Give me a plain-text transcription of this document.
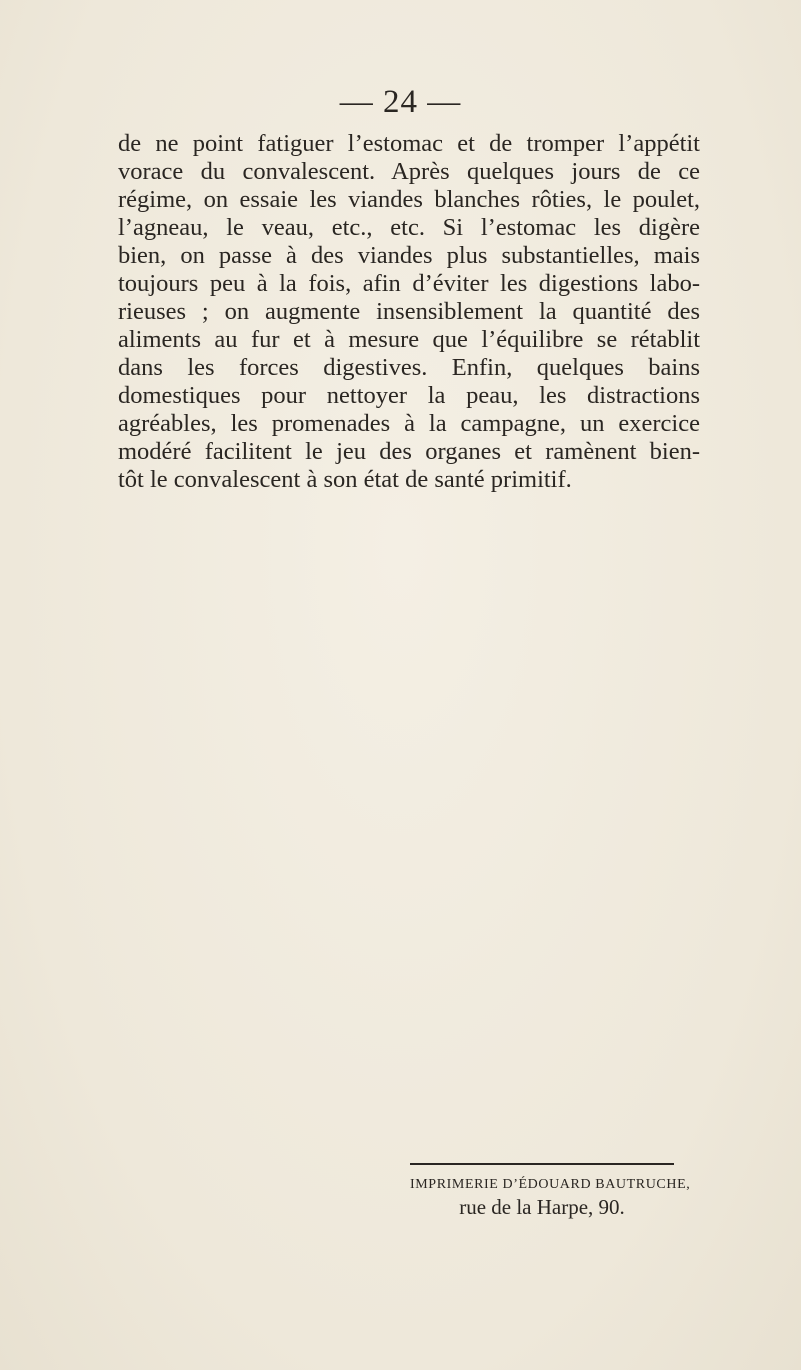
— 24 —
de ne point fatiguer l’estomac et de tromper l’appétit
vorace du convalescent. Après quelques jours de ce
régime, on essaie les viandes blanches rôties, le poulet,
l’agneau, le veau, etc., etc. Si l’estomac les digère
bien, on passe à des viandes plus substantielles, mais
toujours peu à la fois, afin d’éviter les digestions labo-
rieuses ; on augmente insensiblement la quantité des
aliments au fur et à mesure que l’équilibre se rétablit
dans les forces digestives. Enfin, quelques bains
domestiques pour nettoyer la peau, les distractions
agréables, les promenades à la campagne, un exercice
modéré facilitent le jeu des organes et ramènent bien-
tôt le convalescent à son état de santé primitif.
IMPRIMERIE D’ÉDOUARD BAUTRUCHE,
rue de la Harpe, 90.
